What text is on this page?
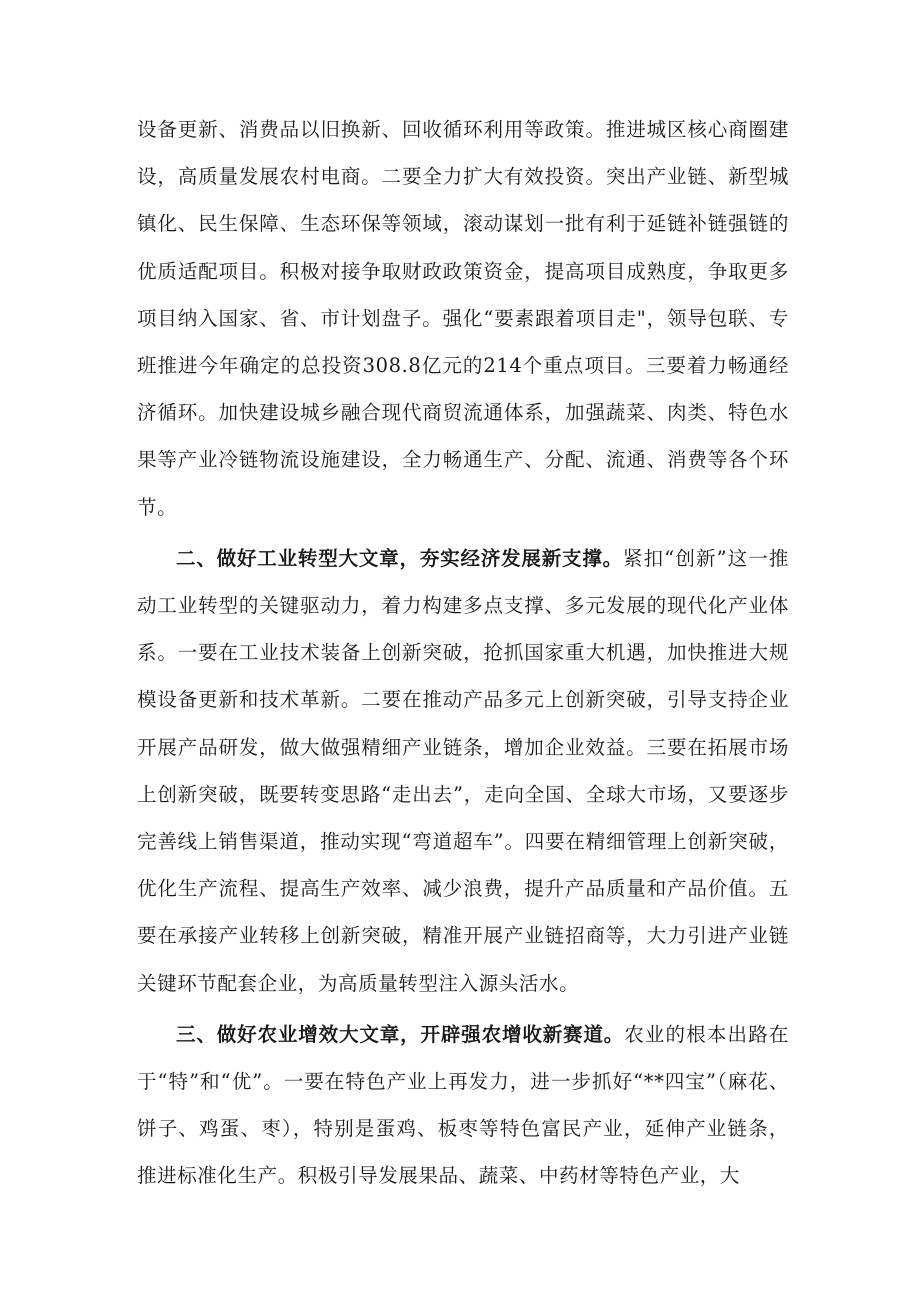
设备更新、消费品以旧换新、回收循环利用等政策。推进城区核心商圈建设，高质量发展农村电商。二要全力扩大有效投资。突出产业链、新型城镇化、民生保障、生态环保等领域，滚动谋划一批有利于延链补链强链的优质适配项目。积极对接争取财政政策资金，提高项目成熟度，争取更多项目纳入国家、省、市计划盘子。强化“要素跟着项目走"，领导包联、专班推进今年确定的总投资308.8亿元的214个重点项目。三要着力畅通经济循环。加快建设城乡融合现代商贸流通体系，加强蔬菜、肉类、特色水果等产业冷链物流设施建设，全力畅通生产、分配、流通、消费等各个环节。

二、做好工业转型大文章，夯实经济发展新支撑。紧扣“创新”这一推动工业转型的关键驱动力，着力构建多点支撑、多元发展的现代化产业体系。一要在工业技术装备上创新突破，抢抓国家重大机遇，加快推进大规模设备更新和技术革新。二要在推动产品多元上创新突破，引导支持企业开展产品研发，做大做强精细产业链条，增加企业效益。三要在拓展市场上创新突破，既要转变思路“走出去”，走向全国、全球大市场，又要逐步完善线上销售渠道，推动实现“弯道超车”。四要在精细管理上创新突破，优化生产流程、提高生产效率、减少浪费，提升产品质量和产品价值。五要在承接产业转移上创新突破，精准开展产业链招商等，大力引进产业链关键环节配套企业，为高质量转型注入源头活水。

三、做好农业增效大文章，开辟强农增收新赛道。农业的根本出路在于“特”和“优”。一要在特色产业上再发力，进一步抓好“**四宝”（麻花、饼子、鸡蛋、枣），特别是蛋鸡、板枣等特色富民产业，延伸产业链条，推进标准化生产。积极引导发展果品、蔬菜、中药材等特色产业，大
